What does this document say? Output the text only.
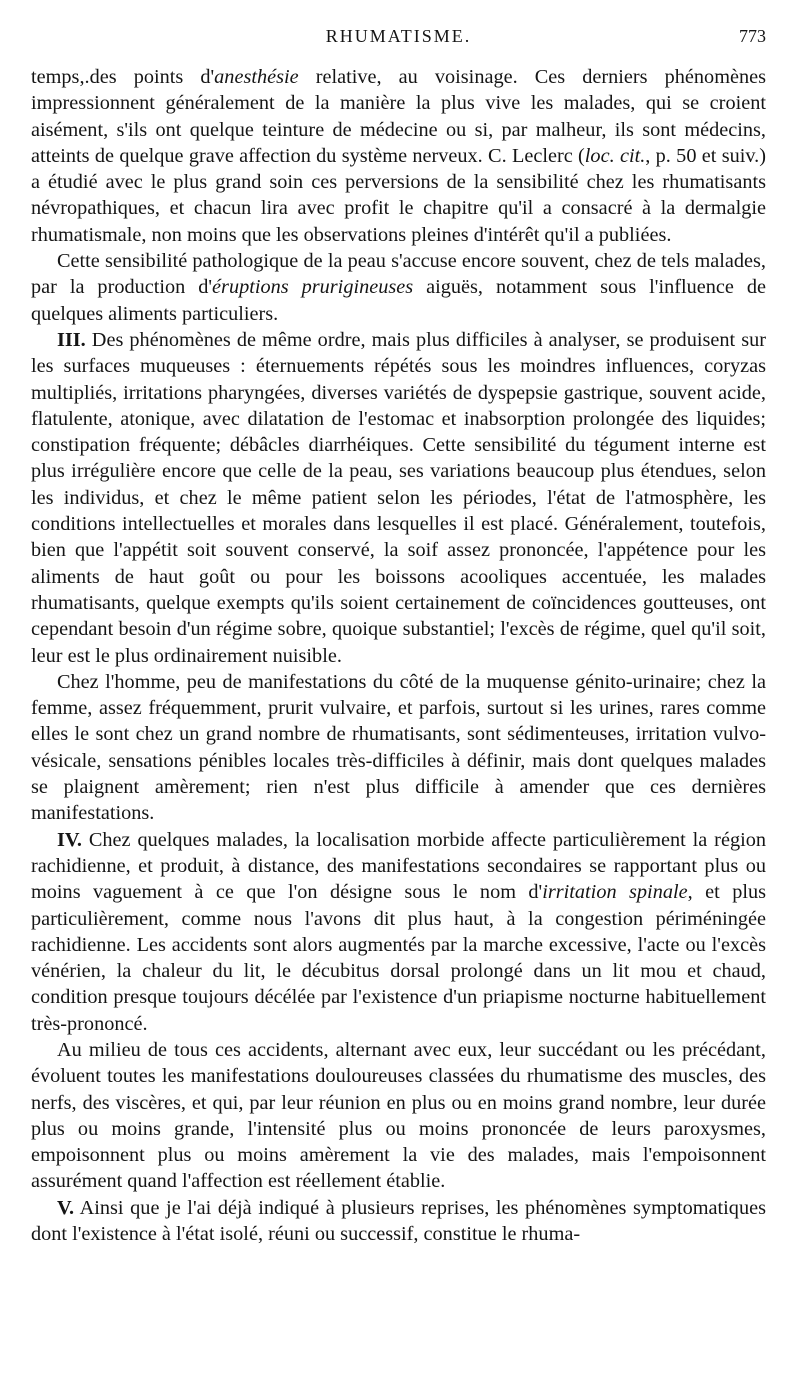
RHUMATISME.	773

temps,.des points d'anesthésie relative, au voisinage. Ces derniers phénomènes impressionnent généralement de la manière la plus vive les malades, qui se croient aisément, s'ils ont quelque teinture de médecine ou si, par malheur, ils sont médecins, atteints de quelque grave affection du système nerveux. C. Leclerc (loc. cit., p. 50 et suiv.) a étudié avec le plus grand soin ces perversions de la sensibilité chez les rhumatisants névropathiques, et chacun lira avec profit le chapitre qu'il a consacré à la dermalgie rhumatismale, non moins que les observations pleines d'intérêt qu'il a publiées.

Cette sensibilité pathologique de la peau s'accuse encore souvent, chez de tels malades, par la production d'éruptions prurigineuses aiguës, notamment sous l'influence de quelques aliments particuliers.

III. Des phénomènes de même ordre, mais plus difficiles à analyser, se produisent sur les surfaces muqueuses : éternuements répétés sous les moindres influences, coryzas multipliés, irritations pharyngées, diverses variétés de dyspepsie gastrique, souvent acide, flatulente, atonique, avec dilatation de l'estomac et inabsorption prolongée des liquides; constipation fréquente; débâcles diarrhéiques. Cette sensibilité du tégument interne est plus irrégulière encore que celle de la peau, ses variations beaucoup plus étendues, selon les individus, et chez le même patient selon les périodes, l'état de l'atmosphère, les conditions intellectuelles et morales dans lesquelles il est placé. Généralement, toutefois, bien que l'appétit soit souvent conservé, la soif assez prononcée, l'appétence pour les aliments de haut goût ou pour les boissons acooliques accentuée, les malades rhumatisants, quelque exempts qu'ils soient certainement de coïncidences goutteuses, ont cependant besoin d'un régime sobre, quoique substantiel; l'excès de régime, quel qu'il soit, leur est le plus ordinairement nuisible.

Chez l'homme, peu de manifestations du côté de la muquense génito-urinaire; chez la femme, assez fréquemment, prurit vulvaire, et parfois, surtout si les urines, rares comme elles le sont chez un grand nombre de rhumatisants, sont sédimenteuses, irritation vulvo-vésicale, sensations pénibles locales très-difficiles à définir, mais dont quelques malades se plaignent amèrement; rien n'est plus difficile à amender que ces dernières manifestations.

IV. Chez quelques malades, la localisation morbide affecte particulièrement la région rachidienne, et produit, à distance, des manifestations secondaires se rapportant plus ou moins vaguement à ce que l'on désigne sous le nom d'irritation spinale, et plus particulièrement, comme nous l'avons dit plus haut, à la congestion périméningée rachidienne. Les accidents sont alors augmentés par la marche excessive, l'acte ou l'excès vénérien, la chaleur du lit, le décubitus dorsal prolongé dans un lit mou et chaud, condition presque toujours décélée par l'existence d'un priapisme nocturne habituellement très-prononcé.

Au milieu de tous ces accidents, alternant avec eux, leur succédant ou les précédant, évoluent toutes les manifestations douloureuses classées du rhumatisme des muscles, des nerfs, des viscères, et qui, par leur réunion en plus ou en moins grand nombre, leur durée plus ou moins grande, l'intensité plus ou moins prononcée de leurs paroxysmes, empoisonnent plus ou moins amèrement la vie des malades, mais l'empoisonnent assurément quand l'affection est réellement établie.

V. Ainsi que je l'ai déjà indiqué à plusieurs reprises, les phénomènes symptomatiques dont l'existence à l'état isolé, réuni ou successif, constitue le rhuma-
